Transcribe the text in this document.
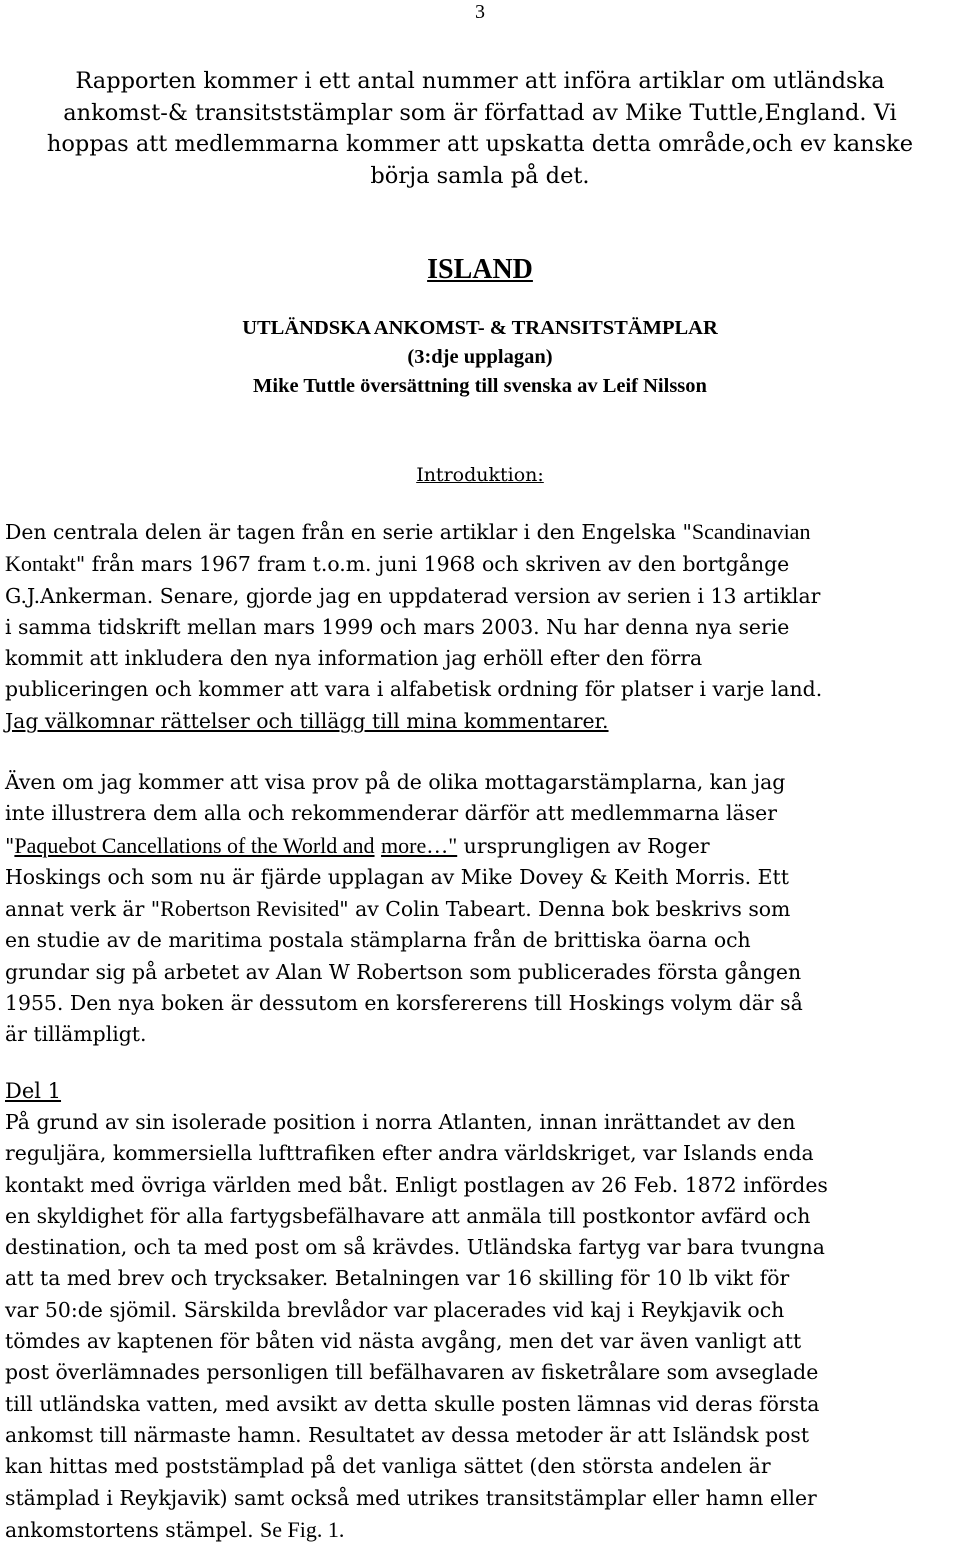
3
Rapporten kommer i ett antal nummer att införa artiklar om utländska
ankomst-& transitststämplar som är författad av Mike Tuttle,England. Vi
hoppas att medlemmarna kommer att upskatta detta område,och ev kanske
börja samla på det.
ISLAND
UTLÄNDSKA ANKOMST- & TRANSITSTÄMPLAR
(3:dje upplagan)
Mike Tuttle översättning till svenska av Leif Nilsson
Introduktion:
Den centrala delen är tagen från en serie artiklar i den Engelska "Scandinavian
Kontakt" från mars 1967 fram t.o.m. juni 1968 och skriven av den bortgånge
G.J.Ankerman. Senare, gjorde jag en uppdaterad version av serien i 13 artiklar
i samma tidskrift mellan mars 1999 och mars 2003. Nu har denna nya serie
kommit att inkludera den nya information jag erhöll efter den förra
publiceringen och kommer att vara i alfabetisk ordning för platser i varje land.
Jag välkomnar rättelser och tillägg till mina kommentarer.
Även om jag kommer att visa prov på de olika mottagarstämplarna, kan jag
inte illustrera dem alla och rekommenderar därför att medlemmarna läser
"Paquebot Cancellations of the World and more…" ursprungligen av Roger
Hoskings och som nu är fjärde upplagan av Mike Dovey & Keith Morris. Ett
annat verk är "Robertson Revisited" av Colin Tabeart. Denna bok beskrivs som
en studie av de maritima postala stämplarna från de brittiska öarna och
grundar sig på arbetet av Alan W Robertson som publicerades första gången
1955. Den nya boken är dessutom en korsfererens till Hoskings volym där så
är tillämpligt.
Del 1
På grund av sin isolerade position i norra Atlanten, innan inrättandet av den
reguljära, kommersiella lufttrafiken efter andra världskriget, var Islands enda
kontakt med övriga världen med båt. Enligt postlagen av 26 Feb. 1872 infördes
en skyldighet för alla fartygsbefälhavare att anmäla till postkontor avfärd och
destination, och ta med post om så krävdes. Utländska fartyg var bara tvungna
att ta med brev och trycksaker. Betalningen var 16 skilling för 10 lb vikt för
var 50:de sjömil. Särskilda brevlådor var placerades vid kaj i Reykjavik och
tömdes av kaptenen för båten vid nästa avgång, men det var även vanligt att
post överlämnades personligen till befälhavaren av fisketrålare som avseglade
till utländska vatten, med avsikt av detta skulle posten lämnas vid deras första
ankomst till närmaste hamn. Resultatet av dessa metoder är att Isländsk post
kan hittas med poststämplad på det vanliga sättet (den största andelen är
stämplad i Reykjavik) samt också med utrikes transitstämplar eller hamn eller
ankomstortens stämpel. Se Fig. 1.
